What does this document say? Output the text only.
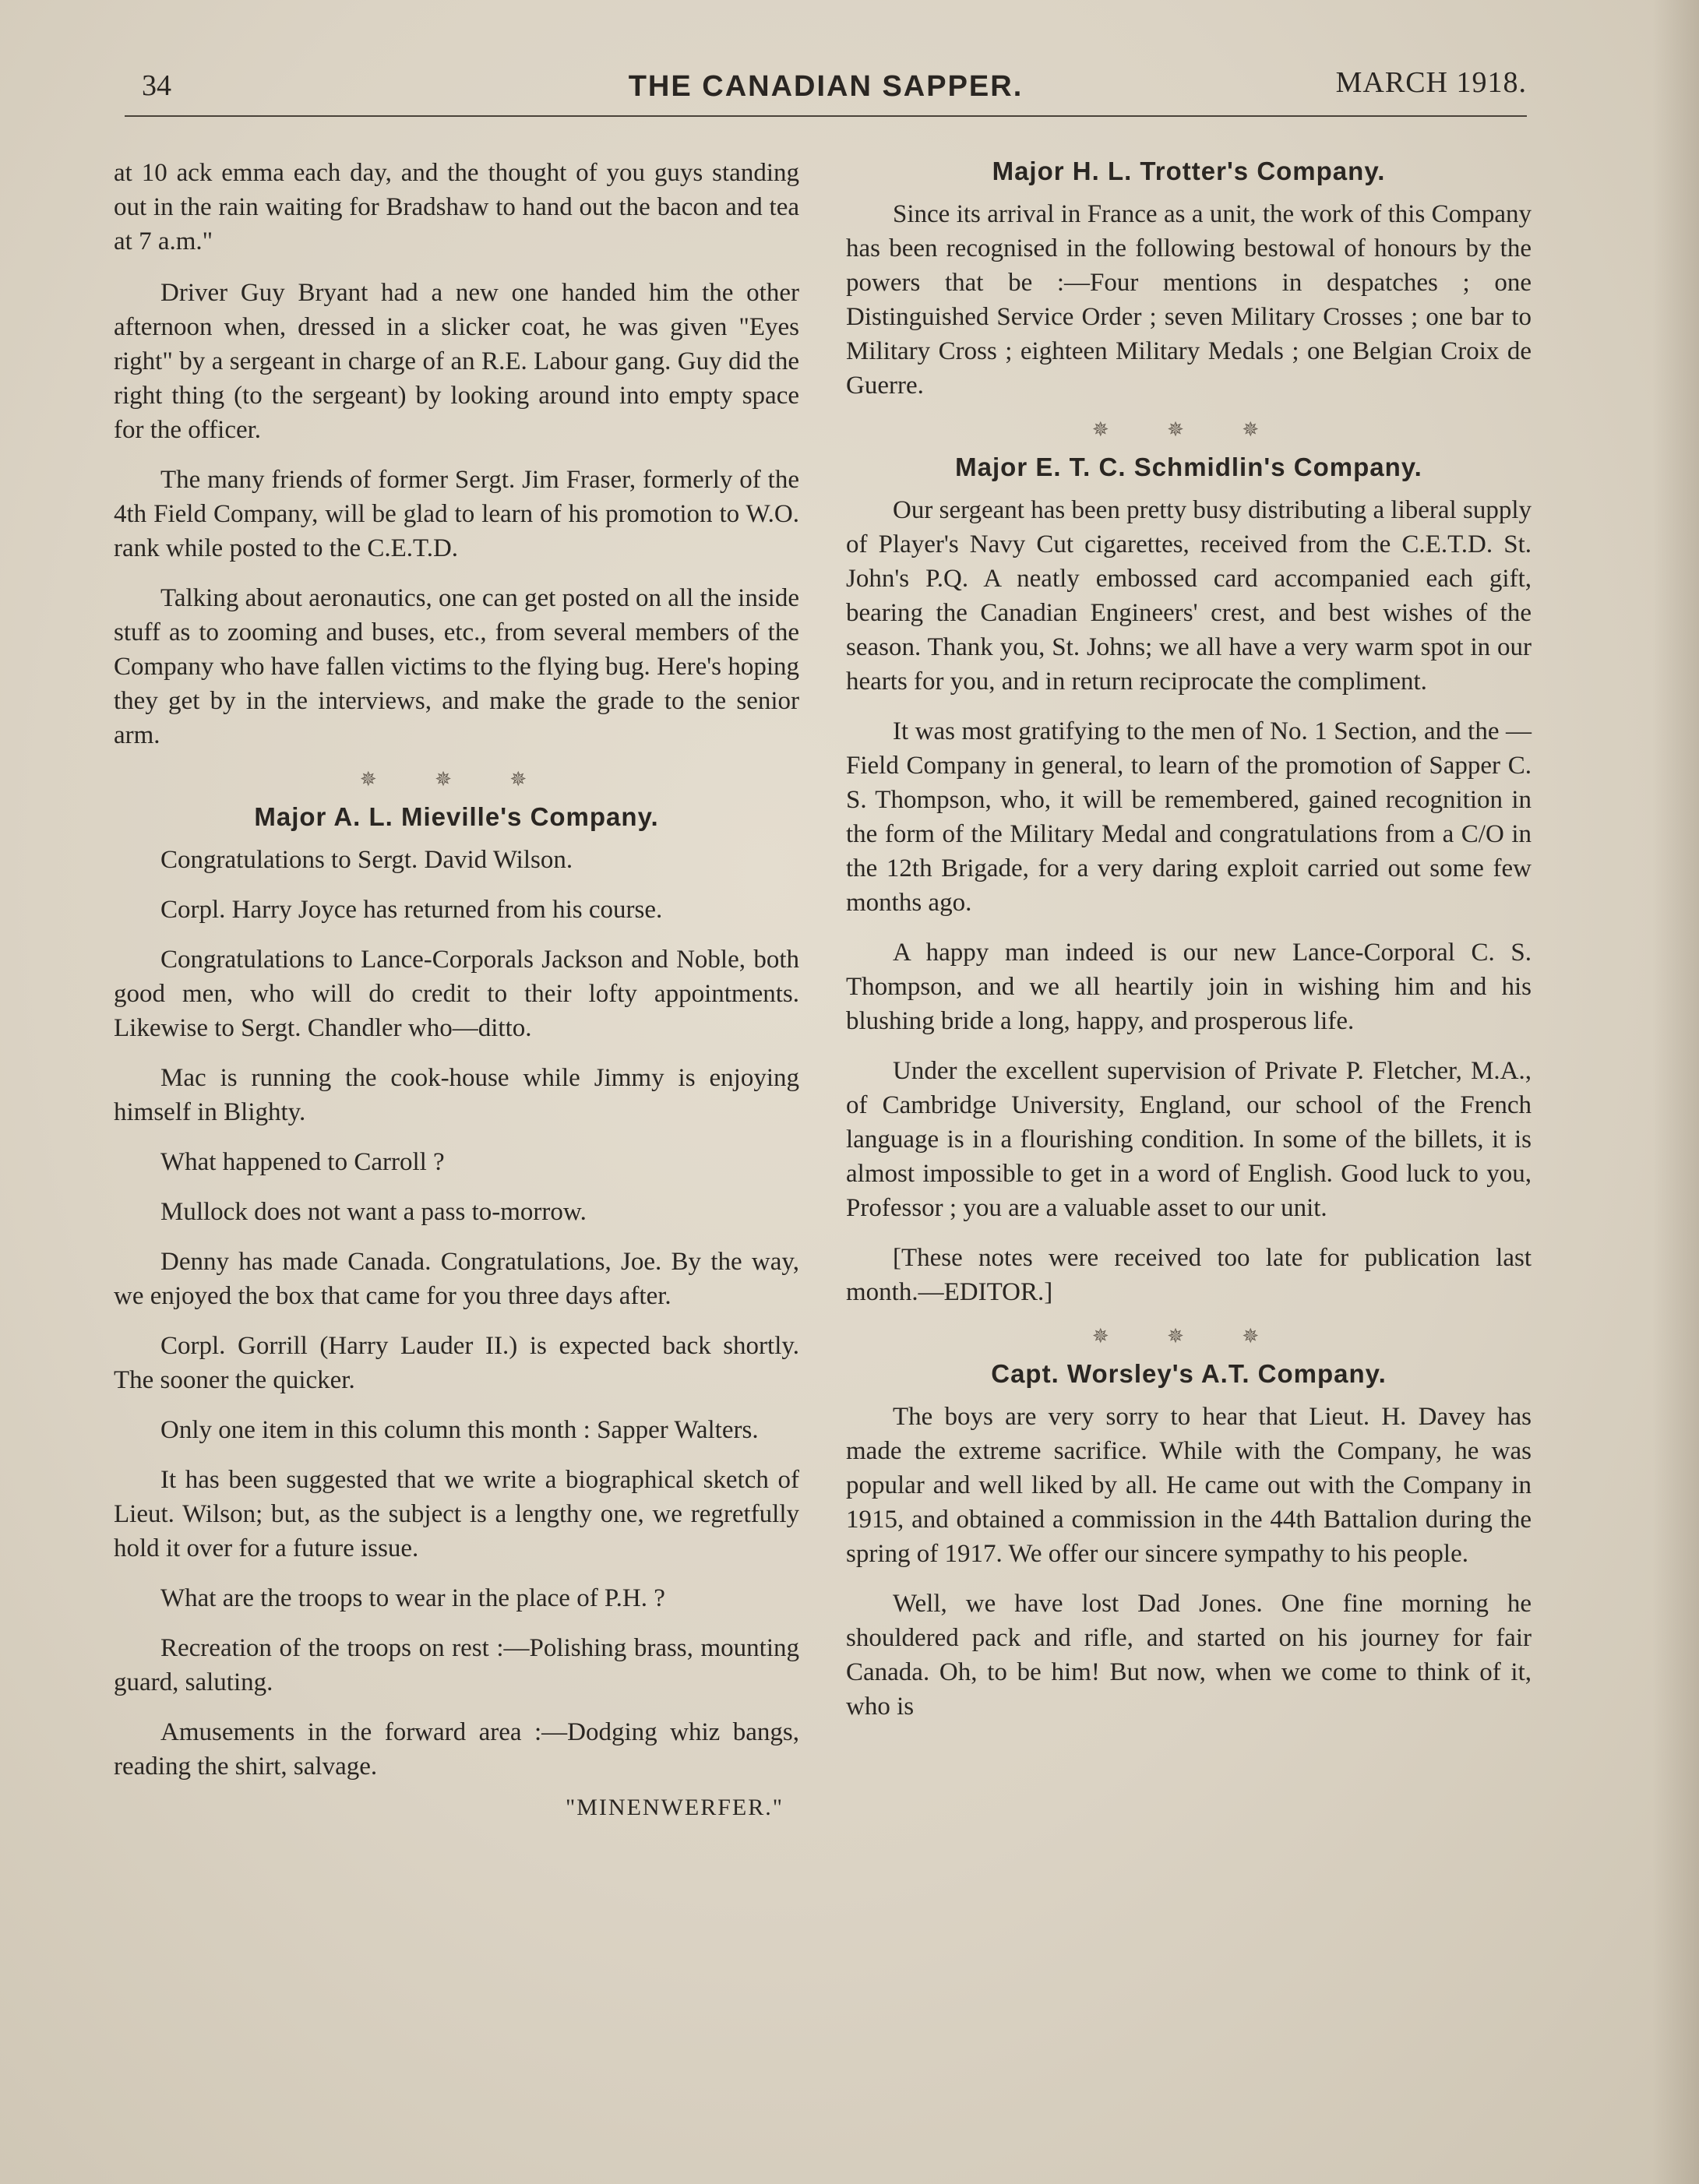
34	THE CANADIAN SAPPER.	MARCH 1918.

at 10 ack emma each day, and the thought of you guys standing out in the rain waiting for Bradshaw to hand out the bacon and tea at 7 a.m."

Driver Guy Bryant had a new one handed him the other afternoon when, dressed in a slicker coat, he was given "Eyes right" by a sergeant in charge of an R.E. Labour gang. Guy did the right thing (to the sergeant) by looking around into empty space for the officer.

The many friends of former Sergt. Jim Fraser, formerly of the 4th Field Company, will be glad to learn of his promotion to W.O. rank while posted to the C.E.T.D.

Talking about aeronautics, one can get posted on all the inside stuff as to zooming and buses, etc., from several members of the Company who have fallen victims to the flying bug. Here's hoping they get by in the interviews, and make the grade to the senior arm.

✵ ✵ ✵
Major A. L. Mieville's Company.

Congratulations to Sergt. David Wilson.

Corpl. Harry Joyce has returned from his course.

Congratulations to Lance-Corporals Jackson and Noble, both good men, who will do credit to their lofty appointments. Likewise to Sergt. Chandler who—ditto.

Mac is running the cook-house while Jimmy is enjoying himself in Blighty.

What happened to Carroll ?

Mullock does not want a pass to-morrow.

Denny has made Canada. Congratulations, Joe. By the way, we enjoyed the box that came for you three days after.

Corpl. Gorrill (Harry Lauder II.) is expected back shortly. The sooner the quicker.

Only one item in this column this month : Sapper Walters.

It has been suggested that we write a biographical sketch of Lieut. Wilson; but, as the subject is a lengthy one, we regretfully hold it over for a future issue.

What are the troops to wear in the place of P.H. ?

Recreation of the troops on rest :—Polishing brass, mounting guard, saluting.

Amusements in the forward area :—Dodging whiz bangs, reading the shirt, salvage.

"MINENWERFER."
Major H. L. Trotter's Company.

Since its arrival in France as a unit, the work of this Company has been recognised in the following bestowal of honours by the powers that be :—Four mentions in despatches ; one Distinguished Service Order ; seven Military Crosses ; one bar to Military Cross ; eighteen Military Medals ; one Belgian Croix de Guerre.

✵ ✵ ✵
Major E. T. C. Schmidlin's Company.

Our sergeant has been pretty busy distributing a liberal supply of Player's Navy Cut cigarettes, received from the C.E.T.D. St. John's P.Q. A neatly embossed card accompanied each gift, bearing the Canadian Engineers' crest, and best wishes of the season. Thank you, St. Johns; we all have a very warm spot in our hearts for you, and in return reciprocate the compliment.

It was most gratifying to the men of No. 1 Section, and the —Field Company in general, to learn of the promotion of Sapper C. S. Thompson, who, it will be remembered, gained recognition in the form of the Military Medal and congratulations from a C/O in the 12th Brigade, for a very daring exploit carried out some few months ago.

A happy man indeed is our new Lance-Corporal C. S. Thompson, and we all heartily join in wishing him and his blushing bride a long, happy, and prosperous life.

Under the excellent supervision of Private P. Fletcher, M.A., of Cambridge University, England, our school of the French language is in a flourishing condition. In some of the billets, it is almost impossible to get in a word of English. Good luck to you, Professor ; you are a valuable asset to our unit.

[These notes were received too late for publication last month.—EDITOR.]

✵ ✵ ✵
Capt. Worsley's A.T. Company.

The boys are very sorry to hear that Lieut. H. Davey has made the extreme sacrifice. While with the Company, he was popular and well liked by all. He came out with the Company in 1915, and obtained a commission in the 44th Battalion during the spring of 1917. We offer our sincere sympathy to his people.

Well, we have lost Dad Jones. One fine morning he shouldered pack and rifle, and started on his journey for fair Canada. Oh, to be him! But now, when we come to think of it, who is
